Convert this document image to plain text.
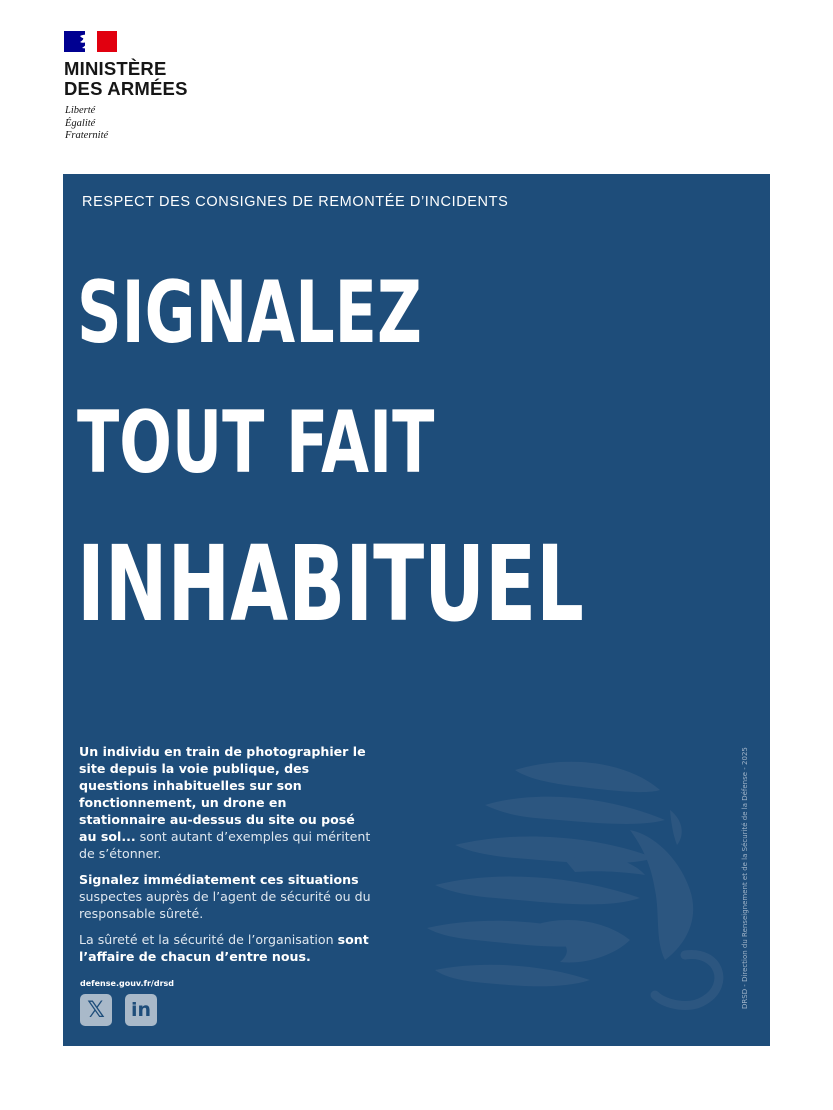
MINISTÈRE
DES ARMÉES
Liberté
Égalité
Fraternité
RESPECT DES CONSIGNES DE REMONTÉE D’INCIDENTS
SIGNALEZ
TOUT FAIT
INHABITUEL

Un individu en train de photographier le site depuis la voie publique, des questions inhabituelles sur son fonctionnement, un drone en stationnaire au-dessus du site ou posé au sol... sont autant d’exemples qui méritent de s’étonner.

Signalez immédiatement ces situations suspectes auprès de l’agent de sécurité ou du responsable sûreté.

La sûreté et la sécurité de l’organisation sont l’affaire de chacun d’entre nous.

defense.gouv.fr/drsd
𝕏	in
DRSD - Direction du Renseignement et de la Sécurité de la Défense - 2025
